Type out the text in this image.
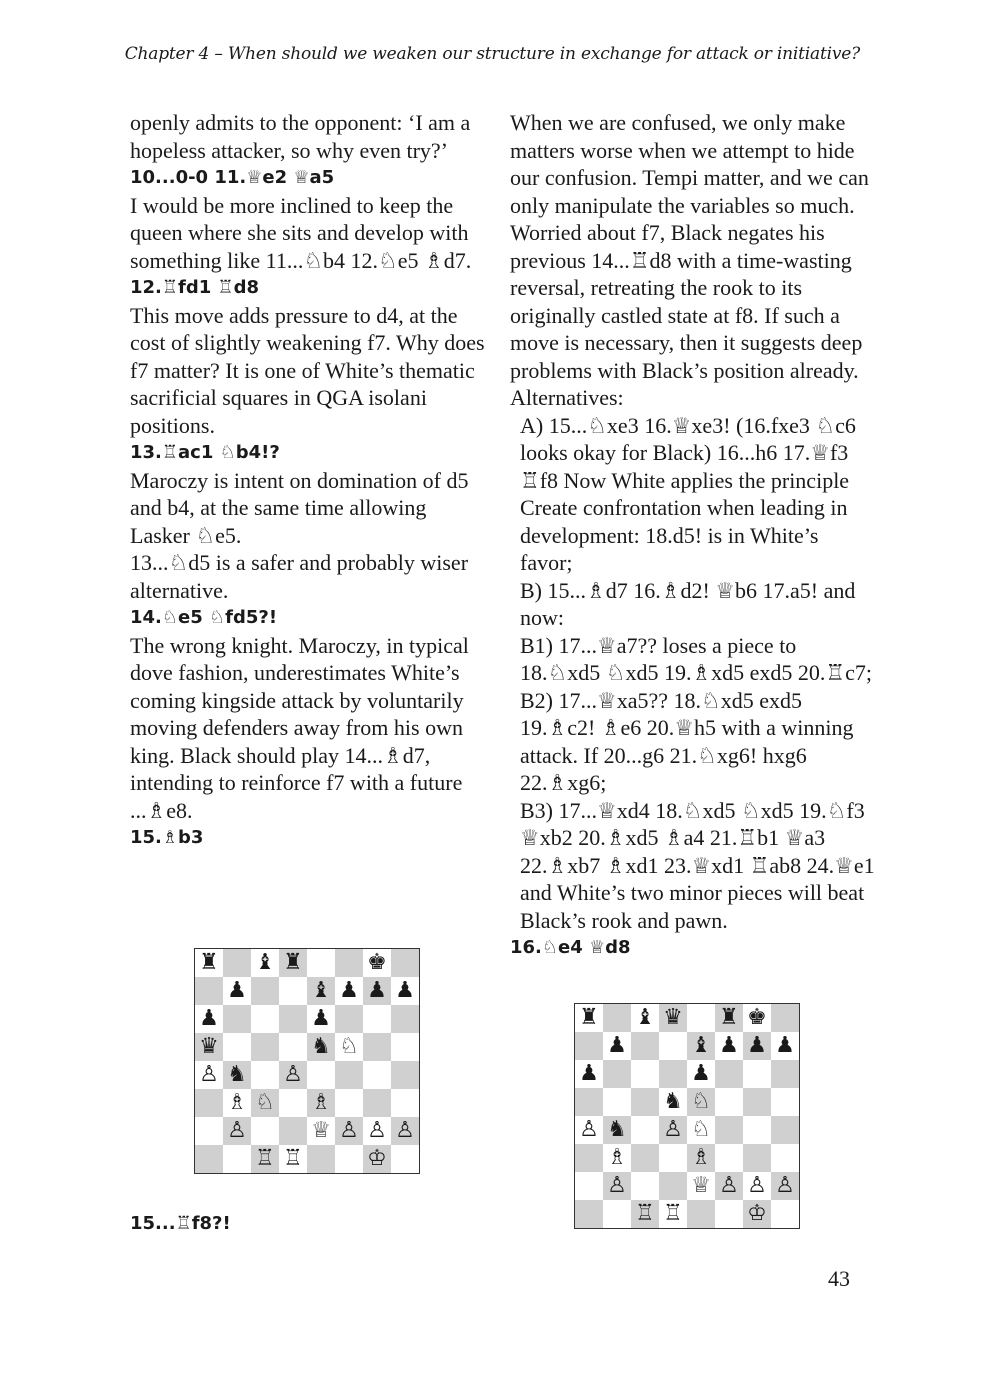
Chapter 4 – When should we weaken our structure in exchange for attack or initiative?

openly admits to the opponent: ‘I am a hopeless attacker, so why even try?’

10...0-0 11.♕e2 ♕a5

I would be more inclined to keep the queen where she sits and develop with something like 11...♘b4 12.♘e5 ♗d7.

12.♖fd1 ♖d8

This move adds pressure to d4, at the cost of slightly weakening f7. Why does f7 matter? It is one of White’s thematic sacrificial squares in QGA isolani positions.

13.♖ac1 ♘b4!?

Maroczy is intent on domination of d5 and b4, at the same time allowing Lasker ♘e5.

13...♘d5 is a safer and probably wiser alternative.

14.♘e5 ♘fd5?!

The wrong knight. Maroczy, in typical dove fashion, underestimates White’s coming kingside attack by voluntarily moving defenders away from his own king. Black should play 14...♗d7, intending to reinforce f7 with a future ...♗e8.

15.♗b3

When we are confused, we only make matters worse when we attempt to hide our confusion. Tempi matter, and we can only manipulate the variables so much. Worried about f7, Black negates his previous 14...♖d8 with a time-wasting reversal, retreating the rook to its originally castled state at f8. If such a move is necessary, then it suggests deep problems with Black’s position already. Alternatives:

A) 15...♘xe3 16.♕xe3! (16.fxe3 ♘c6 looks okay for Black) 16...h6 17.♕f3 ♖f8 Now White applies the principle Create confrontation when leading in development: 18.d5! is in White’s favor;

B) 15...♗d7 16.♗d2! ♕b6 17.a5! and now:

B1) 17...♕a7?? loses a piece to 18.♘xd5 ♘xd5 19.♗xd5 exd5 20.♖c7;

B2) 17...♕xa5?? 18.♘xd5 exd5 19.♗c2! ♗e6 20.♕h5 with a winning attack. If 20...g6 21.♘xg6! hxg6 22.♗xg6;

B3) 17...♕xd4 18.♘xd5 ♘xd5 19.♘f3 ♕xb2 20.♗xd5 ♗a4 21.♖b1 ♕a3 22.♗xb7 ♗xd1 23.♕xd1 ♖ab8 24.♕e1 and White’s two minor pieces will beat Black’s rook and pawn.

16.♘e4 ♕d8

♜		♝	♜			♚	
	♟			♝	♟	♟	♟
♟				♟			
♛				♞	♘		
♙	♞		♙				
	♗	♘		♗			
	♙			♕	♙	♙	♙
		♖	♖			♔	
♜		♝	♛		♜	♚	
	♟			♝	♟	♟	♟
♟				♟			
			♞	♘			
♙	♞		♙	♘			
	♗			♗			
	♙			♕	♙	♙	♙
		♖	♖			♔	
15...♖f8?!
43
